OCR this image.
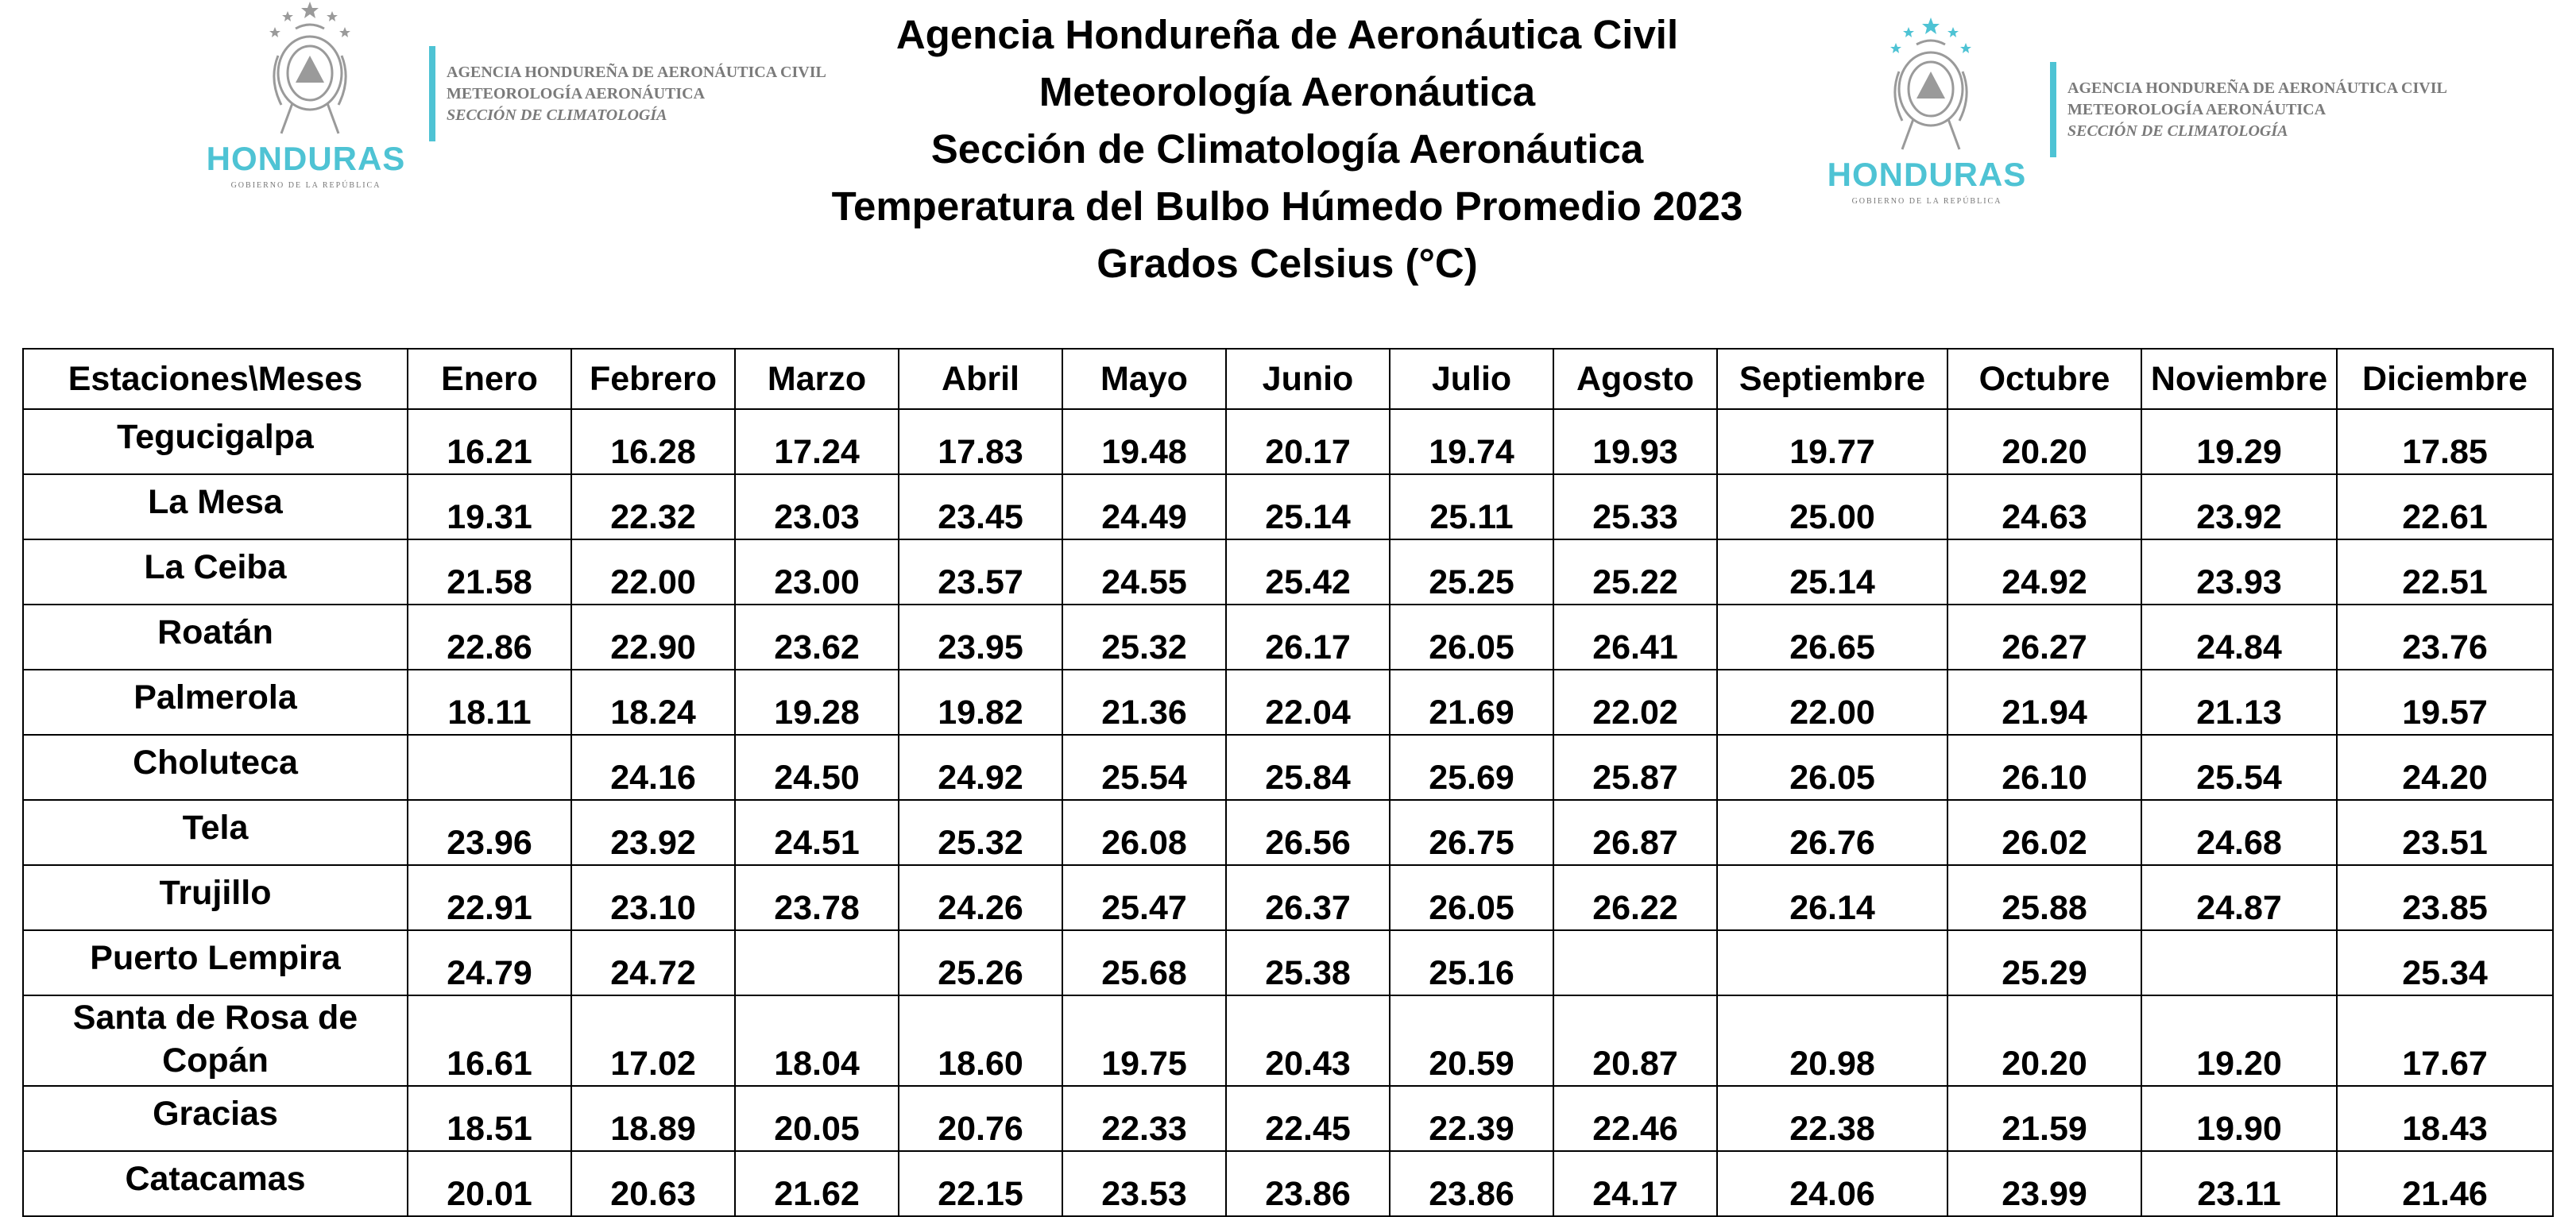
HONDURAS
GOBIERNO DE LA REPÚBLICA
AGENCIA HONDUREÑA DE AERONÁUTICA CIVIL
METEOROLOGÍA AERONÁUTICA
SECCIÓN DE CLIMATOLOGÍA
Agencia Hondureña de Aeronáutica Civil
Meteorología Aeronáutica
Sección de Climatología Aeronáutica
Temperatura del Bulbo Húmedo Promedio 2023
Grados Celsius (°C)
HONDURAS
GOBIERNO DE LA REPÚBLICA
AGENCIA HONDUREÑA DE AERONÁUTICA CIVIL
METEOROLOGÍA AERONÁUTICA
SECCIÓN DE CLIMATOLOGÍA
Estaciones\Meses	Enero	Febrero	Marzo	Abril	Mayo	Junio	Julio	Agosto	Septiembre	Octubre	Noviembre	Diciembre
Tegucigalpa	16.21	16.28	17.24	17.83	19.48	20.17	19.74	19.93	19.77	20.20	19.29	17.85
La Mesa	19.31	22.32	23.03	23.45	24.49	25.14	25.11	25.33	25.00	24.63	23.92	22.61
La Ceiba	21.58	22.00	23.00	23.57	24.55	25.42	25.25	25.22	25.14	24.92	23.93	22.51
Roatán	22.86	22.90	23.62	23.95	25.32	26.17	26.05	26.41	26.65	26.27	24.84	23.76
Palmerola	18.11	18.24	19.28	19.82	21.36	22.04	21.69	22.02	22.00	21.94	21.13	19.57
Choluteca		24.16	24.50	24.92	25.54	25.84	25.69	25.87	26.05	26.10	25.54	24.20
Tela	23.96	23.92	24.51	25.32	26.08	26.56	26.75	26.87	26.76	26.02	24.68	23.51
Trujillo	22.91	23.10	23.78	24.26	25.47	26.37	26.05	26.22	26.14	25.88	24.87	23.85
Puerto Lempira	24.79	24.72		25.26	25.68	25.38	25.16			25.29		25.34
Santa de Rosa de Copán	16.61	17.02	18.04	18.60	19.75	20.43	20.59	20.87	20.98	20.20	19.20	17.67
Gracias	18.51	18.89	20.05	20.76	22.33	22.45	22.39	22.46	22.38	21.59	19.90	18.43
Catacamas	20.01	20.63	21.62	22.15	23.53	23.86	23.86	24.17	24.06	23.99	23.11	21.46
